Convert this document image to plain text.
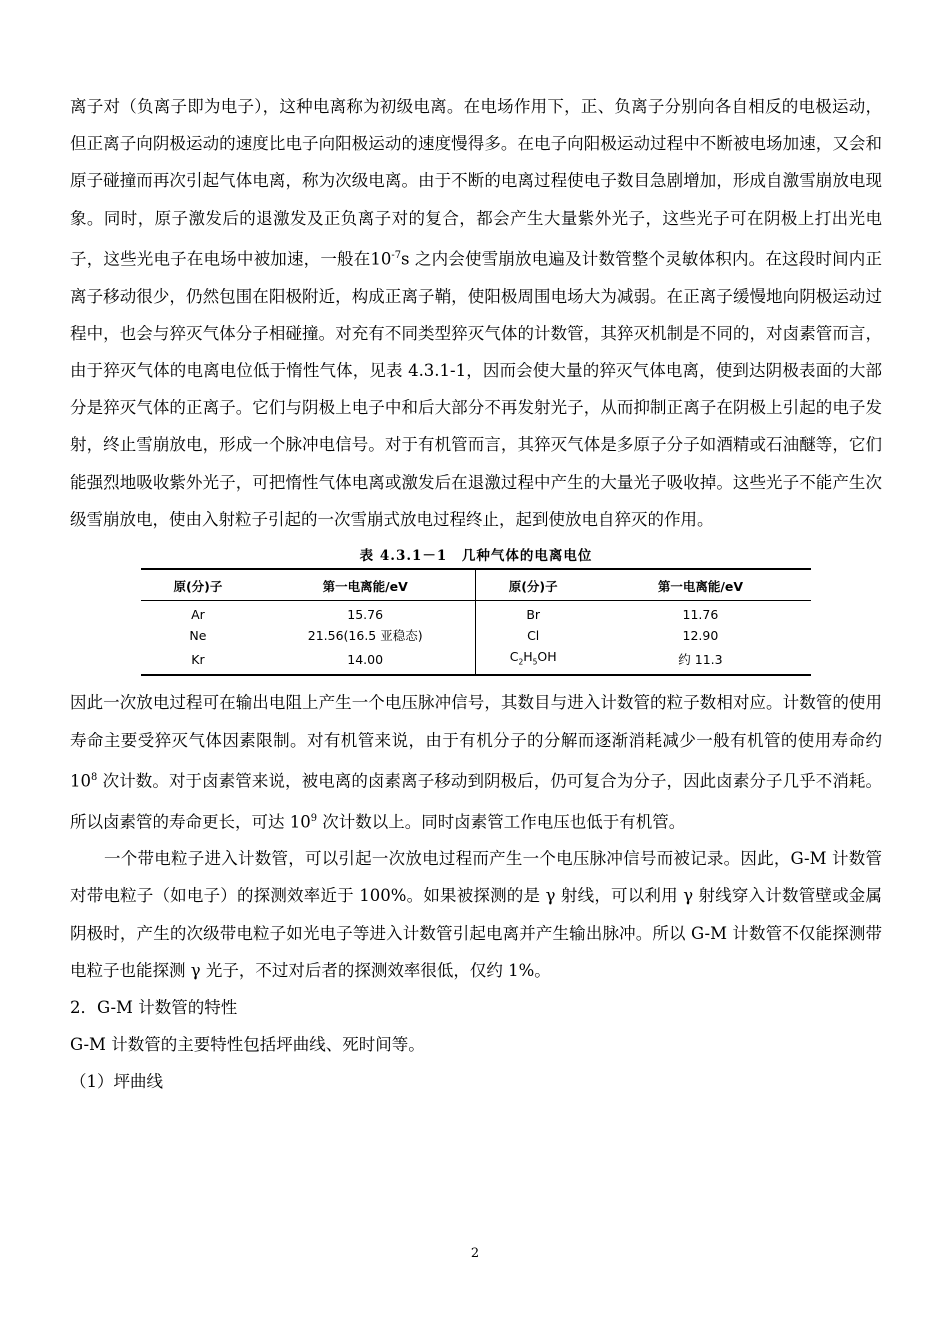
离子对（负离子即为电子），这种电离称为初级电离。在电场作用下，正、负离子分别向各自相反的电极运动，但正离子向阴极运动的速度比电子向阳极运动的速度慢得多。在电子向阳极运动过程中不断被电场加速，又会和原子碰撞而再次引起气体电离，称为次级电离。由于不断的电离过程使电子数目急剧增加，形成自激雪崩放电现象。同时，原子激发后的退激发及正负离子对的复合，都会产生大量紫外光子，这些光子可在阴极上打出光电子，这些光电子在电场中被加速，一般在$10^{-7}s$ 之内会使雪崩放电遍及计数管整个灵敏体积内。在这段时间内正离子移动很少，仍然包围在阳极附近，构成正离子鞘，使阳极周围电场大为减弱。在正离子缓慢地向阴极运动过程中，也会与猝灭气体分子相碰撞。对充有不同类型猝灭气体的计数管，其猝灭机制是不同的，对卤素管而言，由于猝灭气体的电离电位低于惰性气体，见表 4.3.1-1，因而会使大量的猝灭气体电离，使到达阴极表面的大部分是猝灭气体的正离子。它们与阴极上电子中和后大部分不再发射光子，从而抑制正离子在阴极上引起的电子发射，终止雪崩放电，形成一个脉冲电信号。对于有机管而言，其猝灭气体是多原子分子如酒精或石油醚等，它们能强烈地吸收紫外光子，可把惰性气体电离或激发后在退激过程中产生的大量光子吸收掉。这些光子不能产生次级雪崩放电，使由入射粒子引起的一次雪崩式放电过程终止，起到使放电自猝灭的作用。

表 4.3.1－1　几种气体的电离电位
原(分)子	第一电离能/eV	原(分)子	第一电离能/eV
Ar	15.76	Br	11.76
Ne	21.56(16.5 亚稳态)	Cl	12.90
Kr	14.00	$C_2H_5OH$	约 11.3

因此一次放电过程可在输出电阻上产生一个电压脉冲信号，其数目与进入计数管的粒子数相对应。计数管的使用寿命主要受猝灭气体因素限制。对有机管来说，由于有机分子的分解而逐渐消耗减少一般有机管的使用寿命约 $10^8$ 次计数。对于卤素管来说，被电离的卤素离子移动到阴极后，仍可复合为分子，因此卤素分子几乎不消耗。所以卤素管的寿命更长，可达 $10^9$ 次计数以上。同时卤素管工作电压也低于有机管。

一个带电粒子进入计数管，可以引起一次放电过程而产生一个电压脉冲信号而被记录。因此，G-M 计数管对带电粒子（如电子）的探测效率近于 100%。如果被探测的是 γ 射线，可以利用 γ 射线穿入计数管壁或金属阴极时，产生的次级带电粒子如光电子等进入计数管引起电离并产生输出脉冲。所以 G-M 计数管不仅能探测带电粒子也能探测 γ 光子，不过对后者的探测效率很低，仅约 1%。

2．G-M 计数管的特性

G-M 计数管的主要特性包括坪曲线、死时间等。

（1）坪曲线

2
